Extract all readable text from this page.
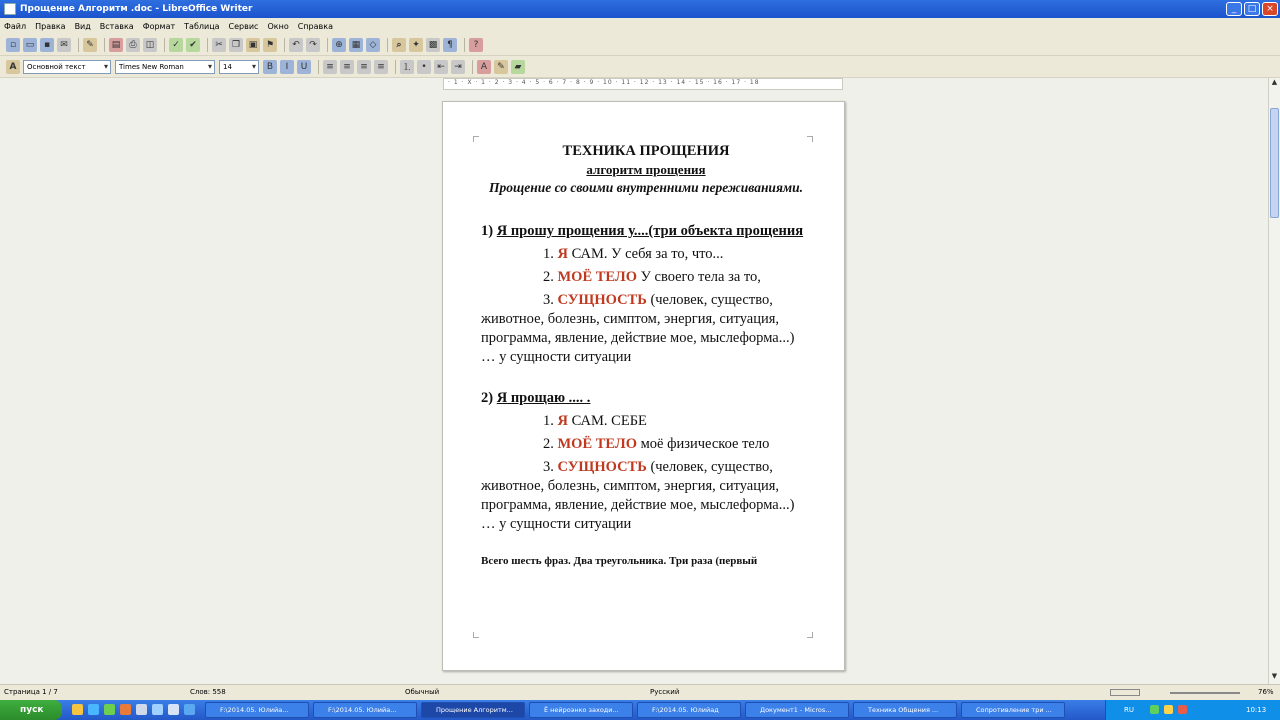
Прощение Алгоритм .doc - LibreOffice Writer	_	□	×
Файл Правка Вид Вставка Формат Таблица Сервис Окно Справка
▫	▭	▪	✉	✎	▤	⎙	◫	✓	✔	✂	❐ ▣ ⚑	↶	↷	⊕ ▦	◇	⌕	✦ ▩	¶	?
A	Основной текст ▾	Times New Roman ▾	14 ▾	B	I	U	≡	≡	≡	≡	⒈	•	⇤	⇥	A	✎	▰
· 1 · X · 1 · 2 · 3 · 4 · 5 · 6 · 7 · 8 · 9 · 10 · 11 · 12 · 13 · 14 · 15 · 16 · 17 · 18	▲
▼

ТЕХНИКА ПРОЩЕНИЯ

алгоритм прощения

Прощение со своими внутренними переживаниями.

1) Я прошу прощения у....(три объекта прощения

1. Я САМ. У себя за то, что...

2. МОЁ ТЕЛО У своего тела за то,

3. СУЩНОСТЬ (человек, существо, животное, болезнь, симптом, энергия, ситуация, программа, явление, действие мое, мыслеформа...) … у сущности ситуации

2) Я прощаю .... .

1. Я САМ. СЕБЕ

2. МОЁ ТЕЛО моё физическое тело

3. СУЩНОСТЬ (человек, существо, животное, болезнь, симптом, энергия, ситуация, программа, явление, действие мое, мыслеформа...) … у сущности ситуации

Всего шесть фраз. Два треугольника. Три раза (первый

Страница 1 / 7	Слов: 558	Обычный	Русский	76%
пуск	F:\2014.05. Юлийа...	F:\2014.05. Юлийа...	Прощение Алгоритм...	Ё нейроэнко заходи...	F:\2014.05. Юлийад	Документ1 - Micros...	Техника Общения ...	Сопротивление три ...	RU	10:13
